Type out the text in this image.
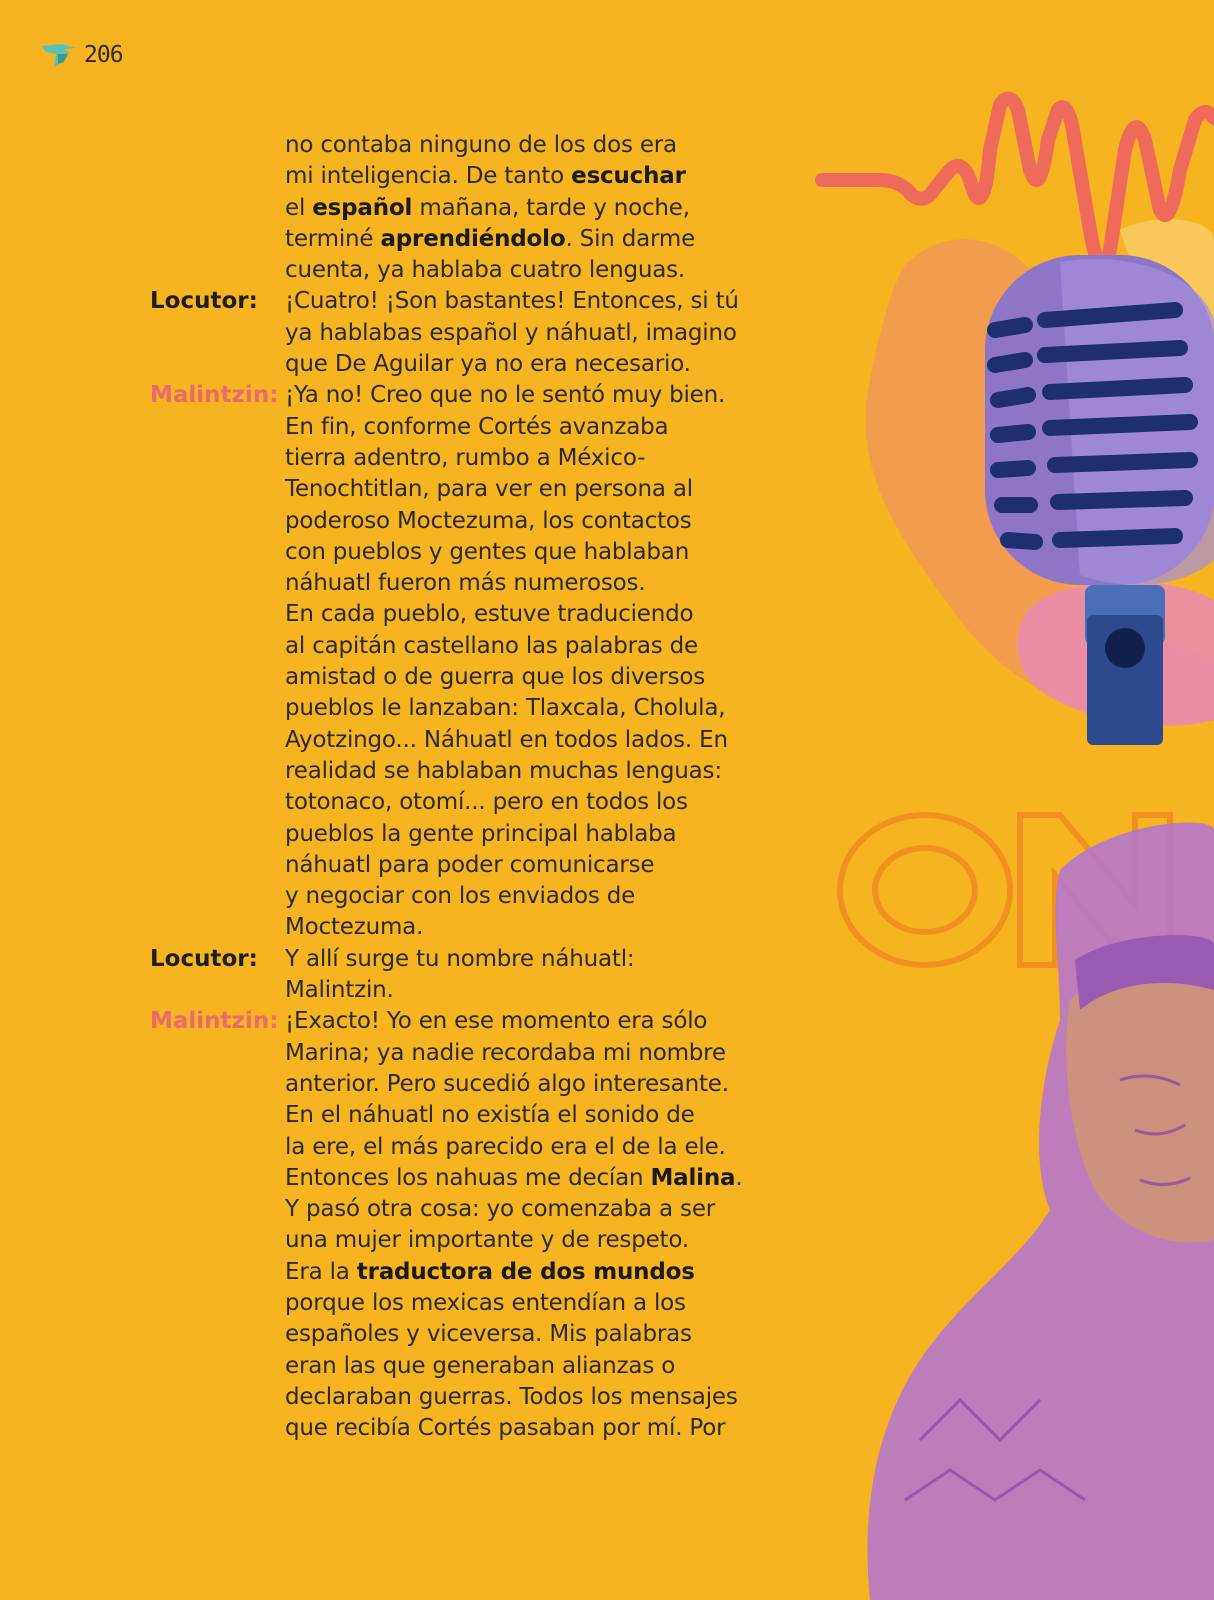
206
no contaba ninguno de los dos era
mi inteligencia. De tanto escuchar
el español mañana, tarde y noche,
terminé aprendiéndolo. Sin darme
cuenta, ya hablaba cuatro lenguas.
Locutor:	¡Cuatro! ¡Son bastantes! Entonces, si tú
ya hablabas español y náhuatl, imagino
que De Aguilar ya no era necesario.
Malintzin: ¡Ya no! Creo que no le sentó muy bien.
En fin, conforme Cortés avanzaba
tierra adentro, rumbo a México-
Tenochtitlan, para ver en persona al
poderoso Moctezuma, los contactos
con pueblos y gentes que hablaban
náhuatl fueron más numerosos.
En cada pueblo, estuve traduciendo
al capitán castellano las palabras de
amistad o de guerra que los diversos
pueblos le lanzaban: Tlaxcala, Cholula,
Ayotzingo... Náhuatl en todos lados. En
realidad se hablaban muchas lenguas:
totonaco, otomí... pero en todos los
pueblos la gente principal hablaba
náhuatl para poder comunicarse
y negociar con los enviados de
Moctezuma.
Locutor:	Y allí surge tu nombre náhuatl:
Malintzin.
Malintzin: ¡Exacto! Yo en ese momento era sólo
Marina; ya nadie recordaba mi nombre
anterior. Pero sucedió algo interesante.
En el náhuatl no existía el sonido de
la ere, el más parecido era el de la ele.
Entonces los nahuas me decían Malina.
Y pasó otra cosa: yo comenzaba a ser
una mujer importante y de respeto.
Era la traductora de dos mundos
porque los mexicas entendían a los
españoles y viceversa. Mis palabras
eran las que generaban alianzas o
declaraban guerras. Todos los mensajes
que recibía Cortés pasaban por mí. Por
